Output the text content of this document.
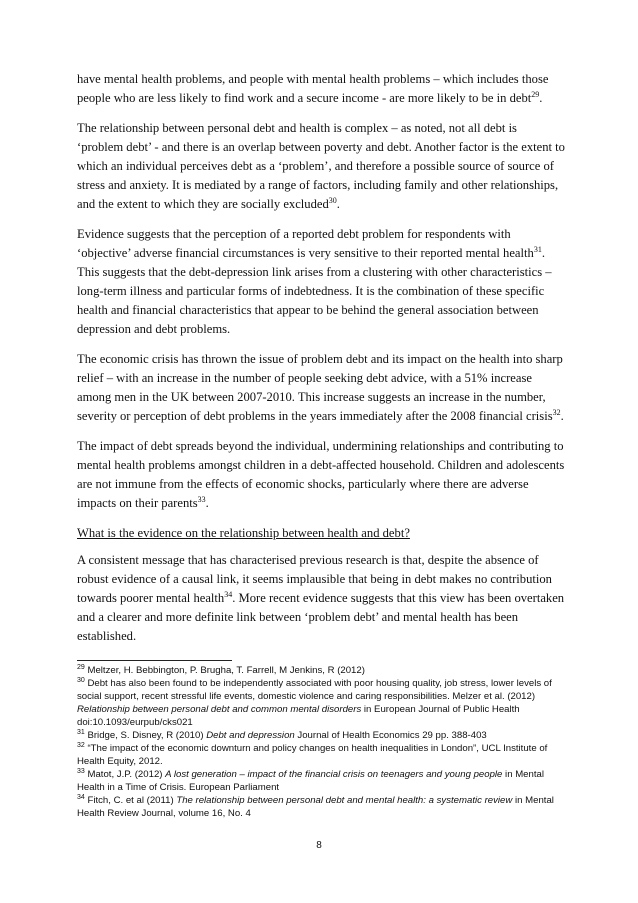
have mental health problems, and people with mental health problems – which includes those people who are less likely to find work and a secure income - are more likely to be in debt$^{29}$.

The relationship between personal debt and health is complex – as noted, not all debt is ‘problem debt’ - and there is an overlap between poverty and debt. Another factor is the extent to which an individual perceives debt as a ‘problem’, and therefore a possible source of source of stress and anxiety. It is mediated by a range of factors, including family and other relationships, and the extent to which they are socially excluded$^{30}$.

Evidence suggests that the perception of a reported debt problem for respondents with ‘objective’ adverse financial circumstances is very sensitive to their reported mental health$^{31}$. This suggests that the debt-depression link arises from a clustering with other characteristics – long-term illness and particular forms of indebtedness. It is the combination of these specific health and financial characteristics that appear to be behind the general association between depression and debt problems.

The economic crisis has thrown the issue of problem debt and its impact on the health into sharp relief – with an increase in the number of people seeking debt advice, with a 51% increase among men in the UK between 2007-2010. This increase suggests an increase in the number, severity or perception of debt problems in the years immediately after the 2008 financial crisis$^{32}$.

The impact of debt spreads beyond the individual, undermining relationships and contributing to mental health problems amongst children in a debt-affected household. Children and adolescents are not immune from the effects of economic shocks, particularly where there are adverse impacts on their parents$^{33}$.

What is the evidence on the relationship between health and debt?

A consistent message that has characterised previous research is that, despite the absence of robust evidence of a causal link, it seems implausible that being in debt makes no contribution towards poorer mental health$^{34}$. More recent evidence suggests that this view has been overtaken and a clearer and more definite link between ‘problem debt’ and mental health has been established.

$^{29}$ Meltzer, H. Bebbington, P. Brugha, T. Farrell, M Jenkins, R (2012)

$^{30}$ Debt has also been found to be independently associated with poor housing quality, job stress, lower levels of social support, recent stressful life events, domestic violence and caring responsibilities. Melzer et al. (2012) Relationship between personal debt and common mental disorders in European Journal of Public Health doi:10.1093/eurpub/cks021

$^{31}$ Bridge, S. Disney, R (2010) Debt and depression Journal of Health Economics 29 pp. 388-403

$^{32}$ “The impact of the economic downturn and policy changes on health inequalities in London”, UCL Institute of Health Equity, 2012.

$^{33}$ Matot, J.P. (2012) A lost generation – impact of the financial crisis on teenagers and young people in Mental Health in a Time of Crisis. European Parliament

$^{34}$ Fitch, C. et al (2011) The relationship between personal debt and mental health: a systematic review in Mental Health Review Journal, volume 16, No. 4

8
